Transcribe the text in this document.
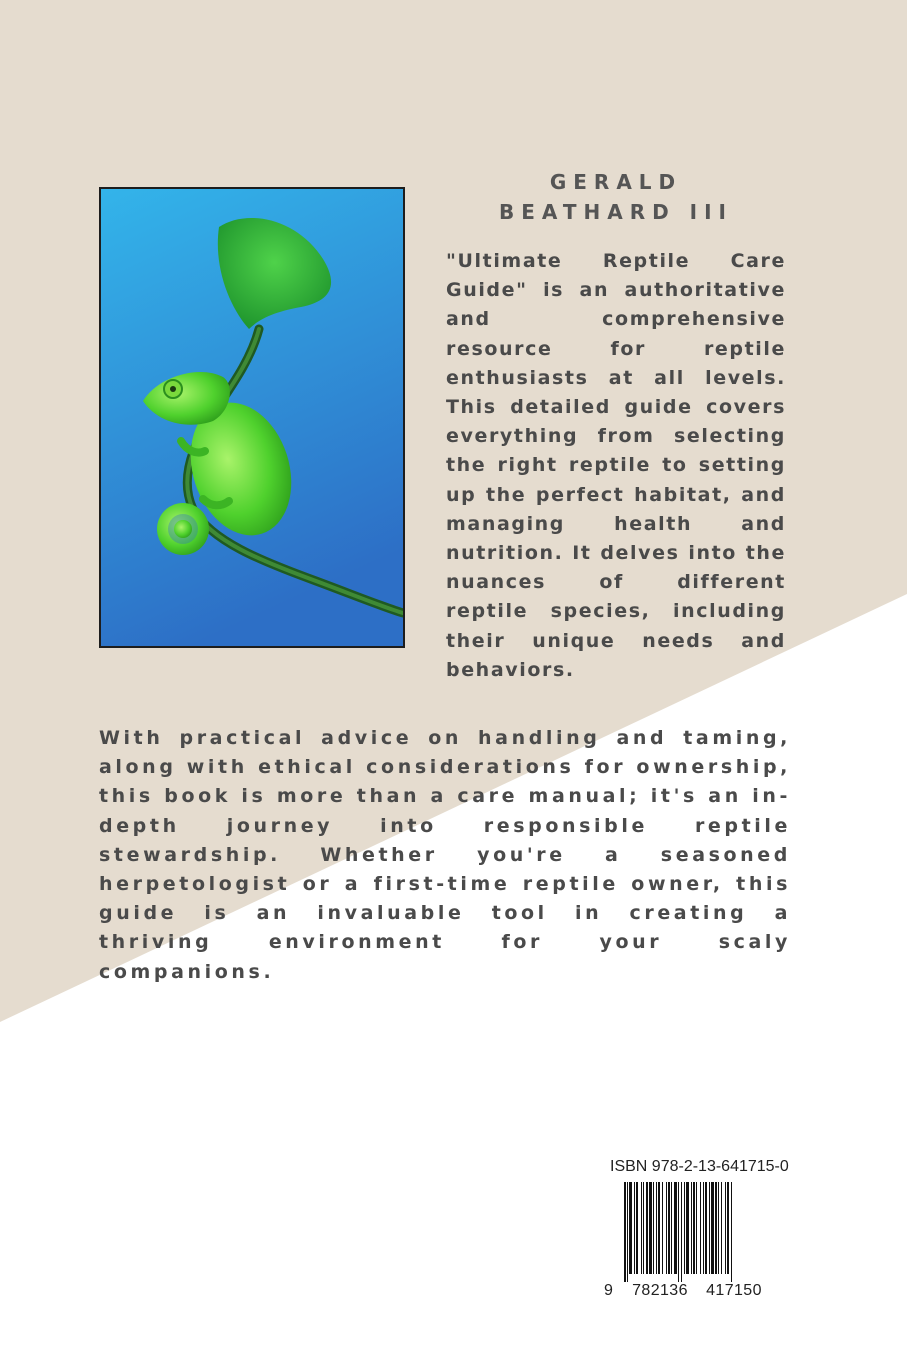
GERALD
BEATHARD III

"Ultimate Reptile Care Guide" is an authoritative and comprehensive resource for reptile enthusiasts at all levels. This detailed guide covers everything from selecting the right reptile to setting up the perfect habitat, and managing health and nutrition. It delves into the nuances of different reptile species, including their unique needs and behaviors.

With practical advice on handling and taming, along with ethical considerations for ownership, this book is more than a care manual; it's an in-depth journey into responsible reptile stewardship. Whether you're a seasoned herpetologist or a first-time reptile owner, this guide is an invaluable tool in creating a thriving environment for your scaly companions.

ISBN 978-2-13-641715-0
9 782136	417150
